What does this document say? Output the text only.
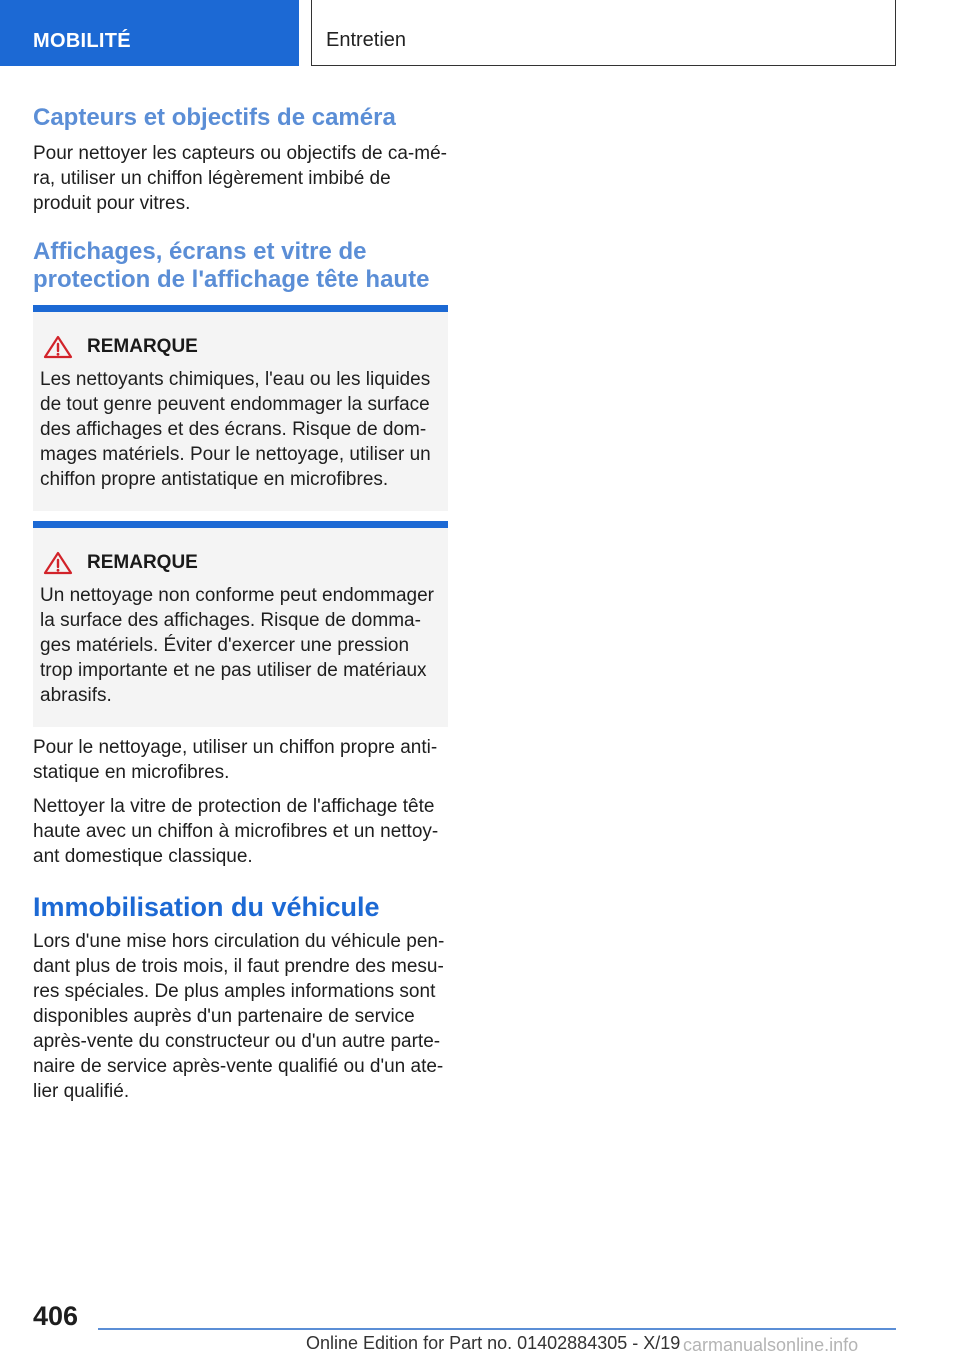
MOBILITÉ	Entretien
Capteurs et objectifs de caméra

Pour nettoyer les capteurs ou objectifs de ca-méra, utiliser un chiffon légèrement imbibé de produit pour vitres.

Affichages, écrans et vitre de protection de l'affichage tête haute
REMARQUE

Les nettoyants chimiques, l'eau ou les liquides de tout genre peuvent endommager la surface des affichages et des écrans. Risque de dom-mages matériels. Pour le nettoyage, utiliser un chiffon propre antistatique en microfibres.

REMARQUE

Un nettoyage non conforme peut endommager la surface des affichages. Risque de domma-ges matériels. Éviter d'exercer une pression trop importante et ne pas utiliser de matériaux abrasifs.

Pour le nettoyage, utiliser un chiffon propre anti-statique en microfibres.

Nettoyer la vitre de protection de l'affichage tête haute avec un chiffon à microfibres et un nettoy-ant domestique classique.

Immobilisation du véhicule

Lors d'une mise hors circulation du véhicule pen-dant plus de trois mois, il faut prendre des mesu-res spéciales. De plus amples informations sont disponibles auprès d'un partenaire de service après-vente du constructeur ou d'un autre parte-naire de service après-vente qualifié ou d'un ate-lier qualifié.

406
Online Edition for Part no. 01402884305 - X/19 carmanualsonline.info
